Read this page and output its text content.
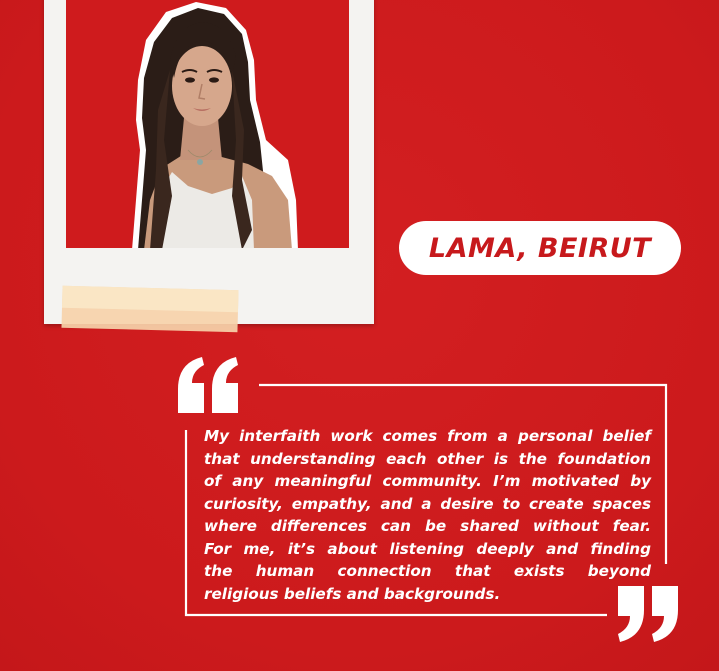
LAMA, BEIRUT
My interfaith work comes from a personal belief
that understanding each other is the foundation
of any meaningful community. I’m motivated by
curiosity, empathy, and a desire to create spaces
where differences can be shared without fear.
For me, it’s about listening deeply and finding
the human connection that exists beyond
religious beliefs and backgrounds.
